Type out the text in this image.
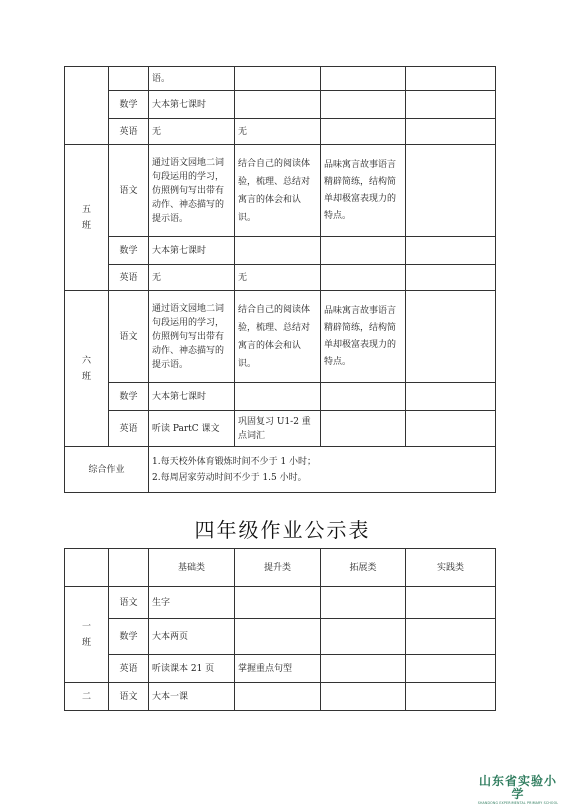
		语。			
	数学	大本第七课时			
	英语	无	无		
五班	语文	通过语文园地二词句段运用的学习，仿照例句写出带有动作、神态描写的提示语。	结合自己的阅读体验，梳理、总结对寓言的体会和认识。	品味寓言故事语言精辟简练，结构简单却极富表现力的特点。	
	数学	大本第七课时			
	英语	无	无		
六班	语文	通过语文园地二词句段运用的学习，仿照例句写出带有动作、神态描写的提示语。	结合自己的阅读体验，梳理、总结对寓言的体会和认识。	品味寓言故事语言精辟简练，结构简单却极富表现力的特点。	
	数学	大本第七课时			
	英语	听读 PartC 课文	巩固复习 U1-2 重点词汇		
综合作业		1.每天校外体育锻炼时间不少于 1 小时；
2.每周居家劳动时间不少于 1.5 小时。			
四年级作业公示表
		基础类	提升类	拓展类	实践类
一班	语文	生字			
	数学	大本两页			
	英语	听读课本 21 页	掌握重点句型		
二	语文	大本一课			
山东省实验小学
SHANDONG EXPERIMENTAL PRIMARY SCHOOL
